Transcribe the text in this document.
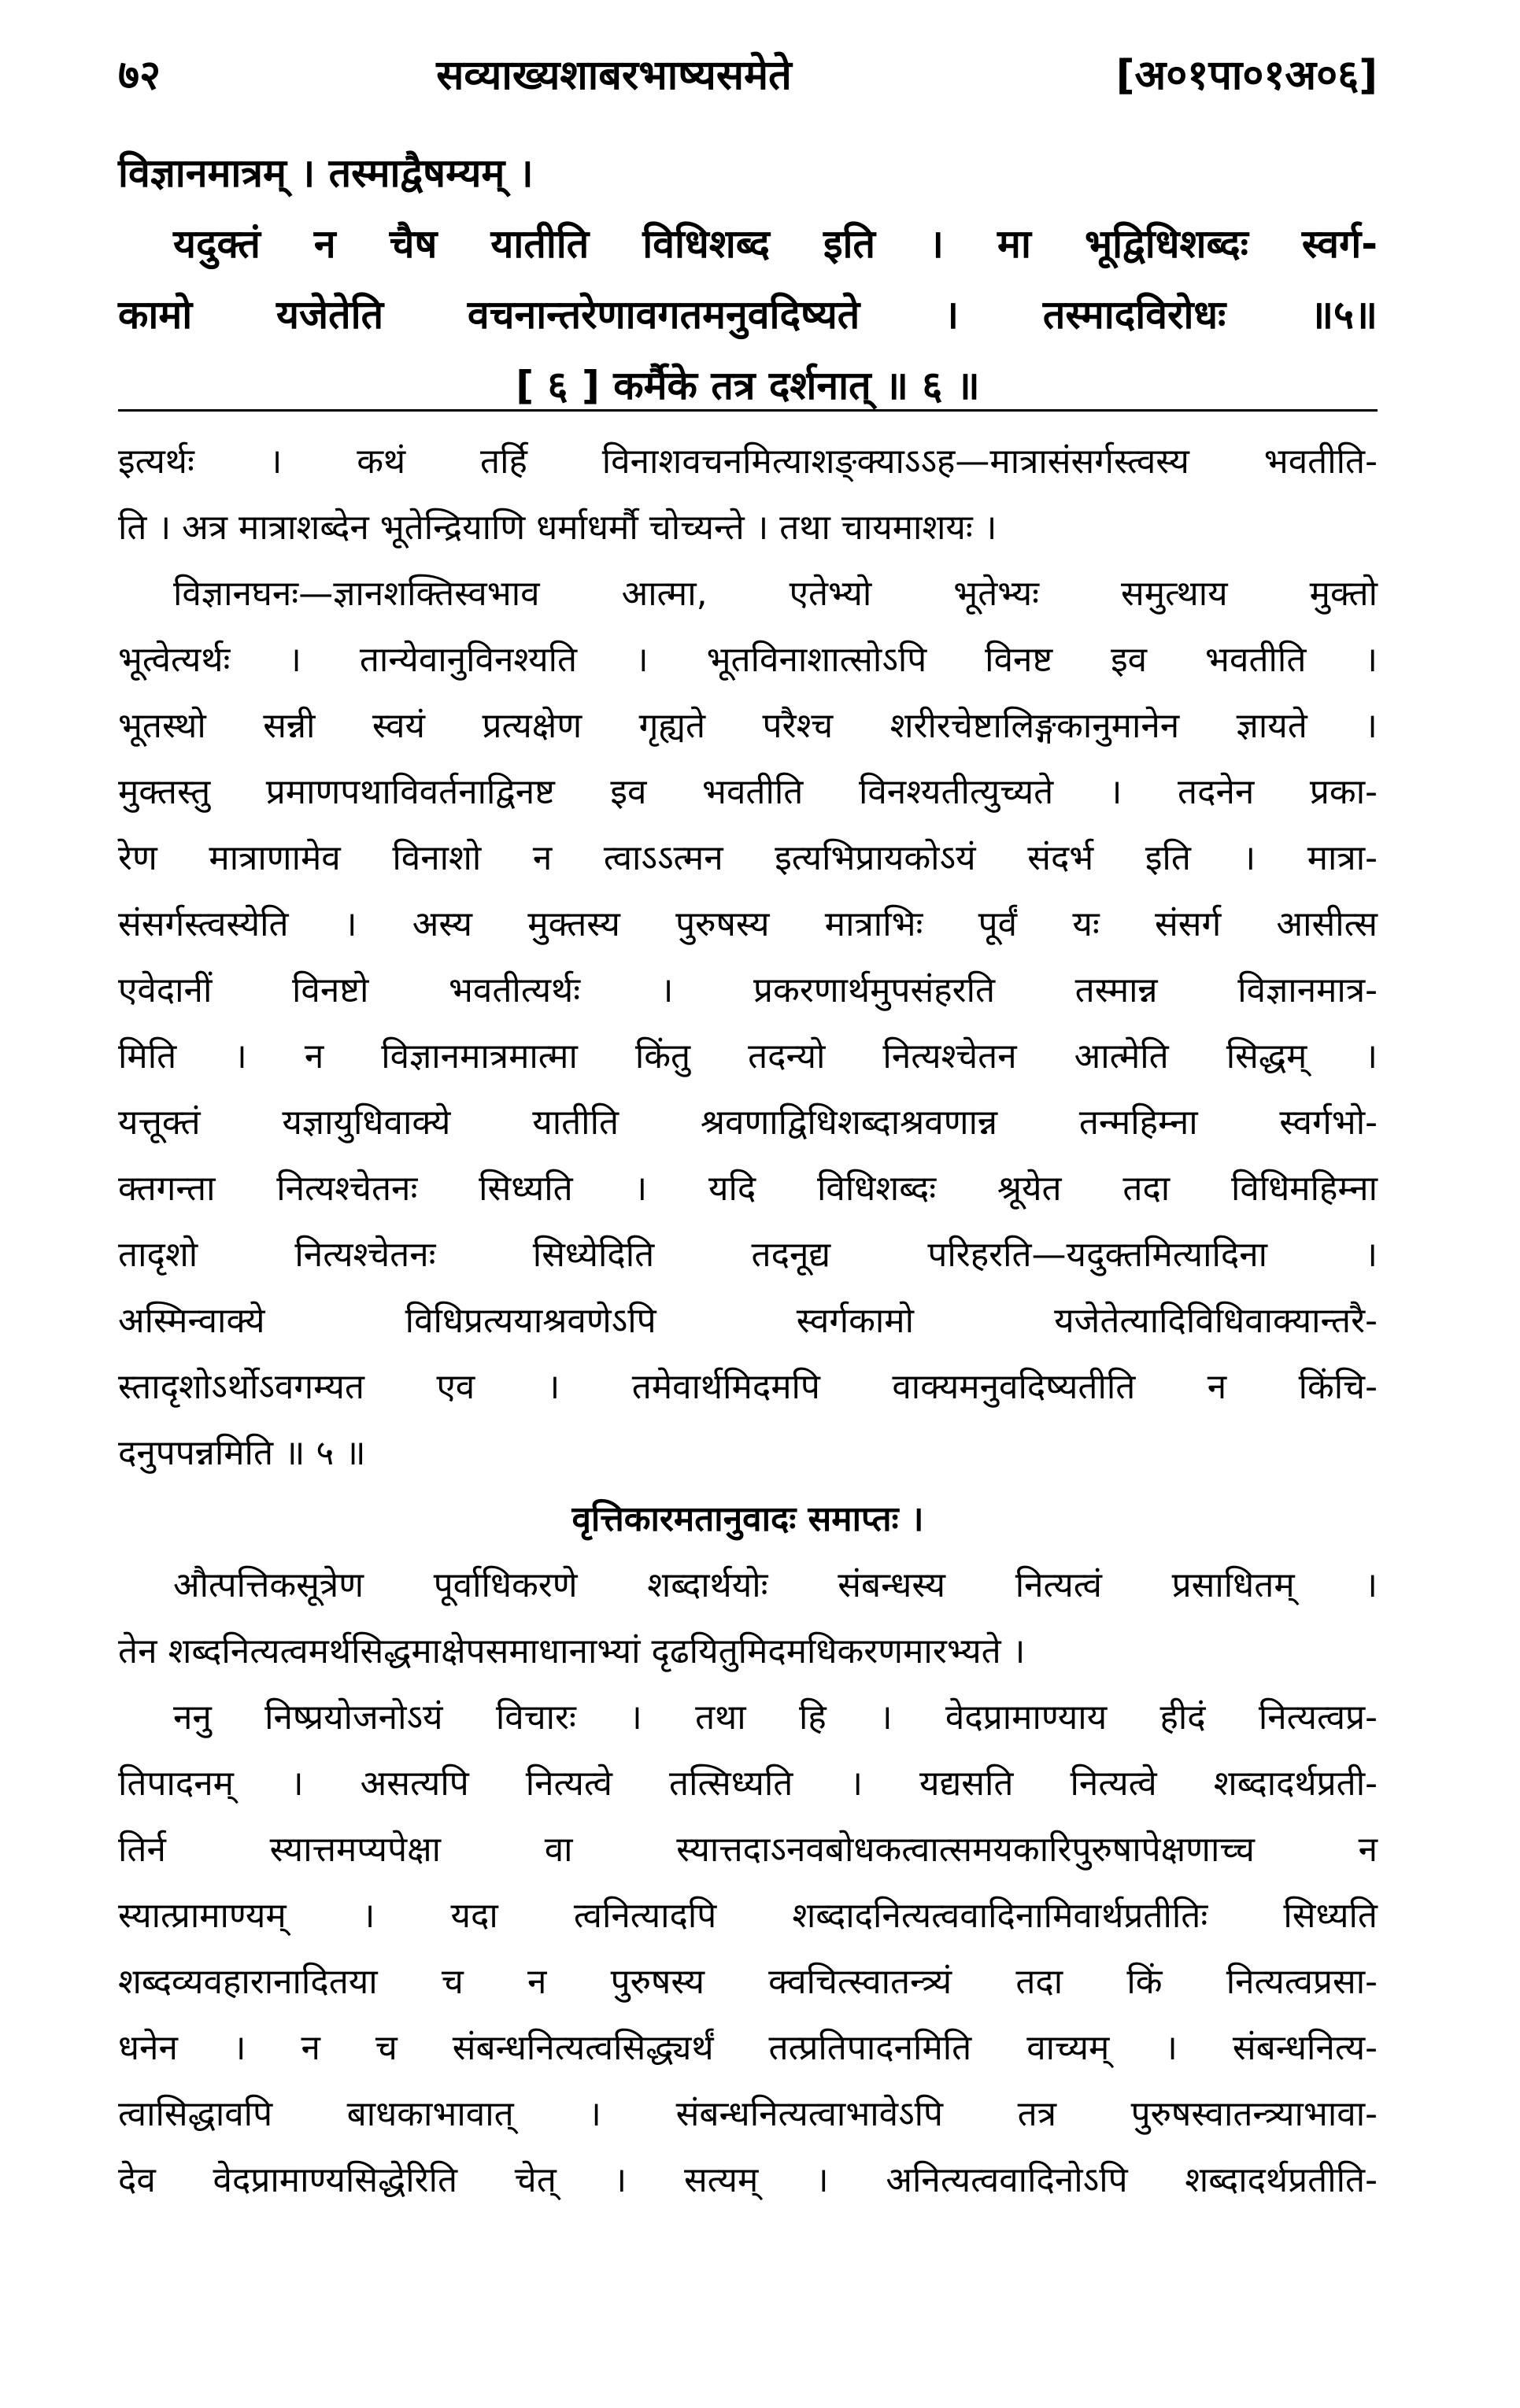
७२	सव्याख्यशाबरभाष्यसमेते	[अ०१पा०१अ०६]
विज्ञानमात्रम् । तस्माद्वैषम्यम् ।
यदुक्तं न चैष यातीति विधिशब्द इति । मा भूद्विधिशब्दः स्वर्ग-
कामो यजेतेति वचनान्तरेणावगतमनुवदिष्यते । तस्मादविरोधः ॥५॥
[ ६ ] कर्मैके तत्र दर्शनात् ॥ ६ ॥
इत्यर्थः । कथं तर्हि विनाशवचनमित्याशङ्क्याऽऽह—मात्रासंसर्गस्त्वस्य भवतीति-
ति । अत्र मात्राशब्देन भूतेन्द्रियाणि धर्माधर्मौ चोच्यन्ते । तथा चायमाशयः ।
विज्ञानघनः—ज्ञानशक्तिस्वभाव आत्मा, एतेभ्यो भूतेभ्यः समुत्थाय मुक्तो
भूत्वेत्यर्थः । तान्येवानुविनश्यति । भूतविनाशात्सोऽपि विनष्ट इव भवतीति ।
भूतस्थो सन्नी स्वयं प्रत्यक्षेण गृह्यते परैश्च शरीरचेष्टालिङ्गकानुमानेन ज्ञायते ।
मुक्तस्तु प्रमाणपथाविवर्तनाद्विनष्ट इव भवतीति विनश्यतीत्युच्यते । तदनेन प्रका-
रेण मात्राणामेव विनाशो न त्वाऽऽत्मन इत्यभिप्रायकोऽयं संदर्भ इति । मात्रा-
संसर्गस्त्वस्येति । अस्य मुक्तस्य पुरुषस्य मात्राभिः पूर्वं यः संसर्ग आसीत्स
एवेदानीं विनष्टो भवतीत्यर्थः । प्रकरणार्थमुपसंहरति तस्मान्न विज्ञानमात्र-
मिति । न विज्ञानमात्रमात्मा किंतु तदन्यो नित्यश्चेतन आत्मेति सिद्धम् ।
यत्तूक्तं यज्ञायुधिवाक्ये यातीति श्रवणाद्विधिशब्दाश्रवणान्न तन्महिम्ना स्वर्गभो-
क्तगन्ता नित्यश्चेतनः सिध्यति । यदि विधिशब्दः श्रूयेत तदा विधिमहिम्ना
तादृशो नित्यश्चेतनः सिध्येदिति तदनूद्य परिहरति—यदुक्तमित्यादिना ।
अस्मिन्वाक्ये विधिप्रत्ययाश्रवणेऽपि स्वर्गकामो यजेतेत्यादिविधिवाक्यान्तरै-
स्तादृशोऽर्थोऽवगम्यत एव । तमेवार्थमिदमपि वाक्यमनुवदिष्यतीति न किंचि-
दनुपपन्नमिति ॥ ५ ॥
वृत्तिकारमतानुवादः समाप्तः ।
औत्पत्तिकसूत्रेण पूर्वाधिकरणे शब्दार्थयोः संबन्धस्य नित्यत्वं प्रसाधितम् ।
तेन शब्दनित्यत्वमर्थसिद्धमाक्षेपसमाधानाभ्यां दृढयितुमिदमधिकरणमारभ्यते ।
ननु निष्प्रयोजनोऽयं विचारः । तथा हि । वेदप्रामाण्याय हीदं नित्यत्वप्र-
तिपादनम् । असत्यपि नित्यत्वे तत्सिध्यति । यद्यसति नित्यत्वे शब्दादर्थप्रती-
तिर्न स्यात्तमप्यपेक्षा वा स्यात्तदाऽनवबोधकत्वात्समयकारिपुरुषापेक्षणाच्च न
स्यात्प्रामाण्यम् । यदा त्वनित्यादपि शब्दादनित्यत्ववादिनामिवार्थप्रतीतिः सिध्यति
शब्दव्यवहारानादितया च न पुरुषस्य क्वचित्स्वातन्त्र्यं तदा किं नित्यत्वप्रसा-
धनेन । न च संबन्धनित्यत्वसिद्ध्यर्थं तत्प्रतिपादनमिति वाच्यम् । संबन्धनित्य-
त्वासिद्धावपि बाधकाभावात् । संबन्धनित्यत्वाभावेऽपि तत्र पुरुषस्वातन्त्र्याभावा-
देव वेदप्रामाण्यसिद्धेरिति चेत् । सत्यम् । अनित्यत्ववादिनोऽपि शब्दादर्थप्रतीति-
